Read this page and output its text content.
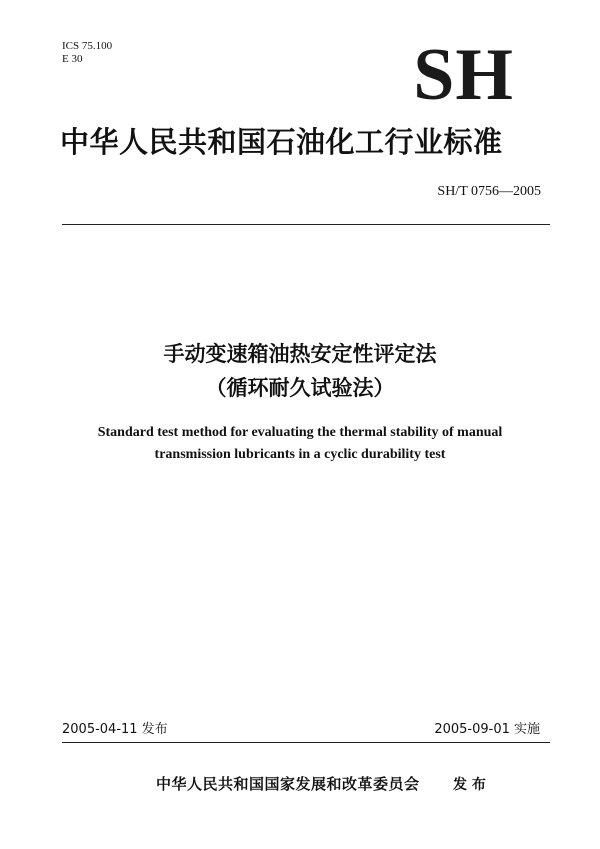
ICS 75.100
E 30	SH
中华人民共和国石油化工行业标准
SH/T 0756—2005
手动变速箱油热安定性评定法
（循环耐久试验法）
Standard test method for evaluating the thermal stability of manual
transmission lubricants in a cyclic durability test
2005-04-11 发布	2005-09-01 实施
中华人民共和国国家发展和改革委员会 发 布
